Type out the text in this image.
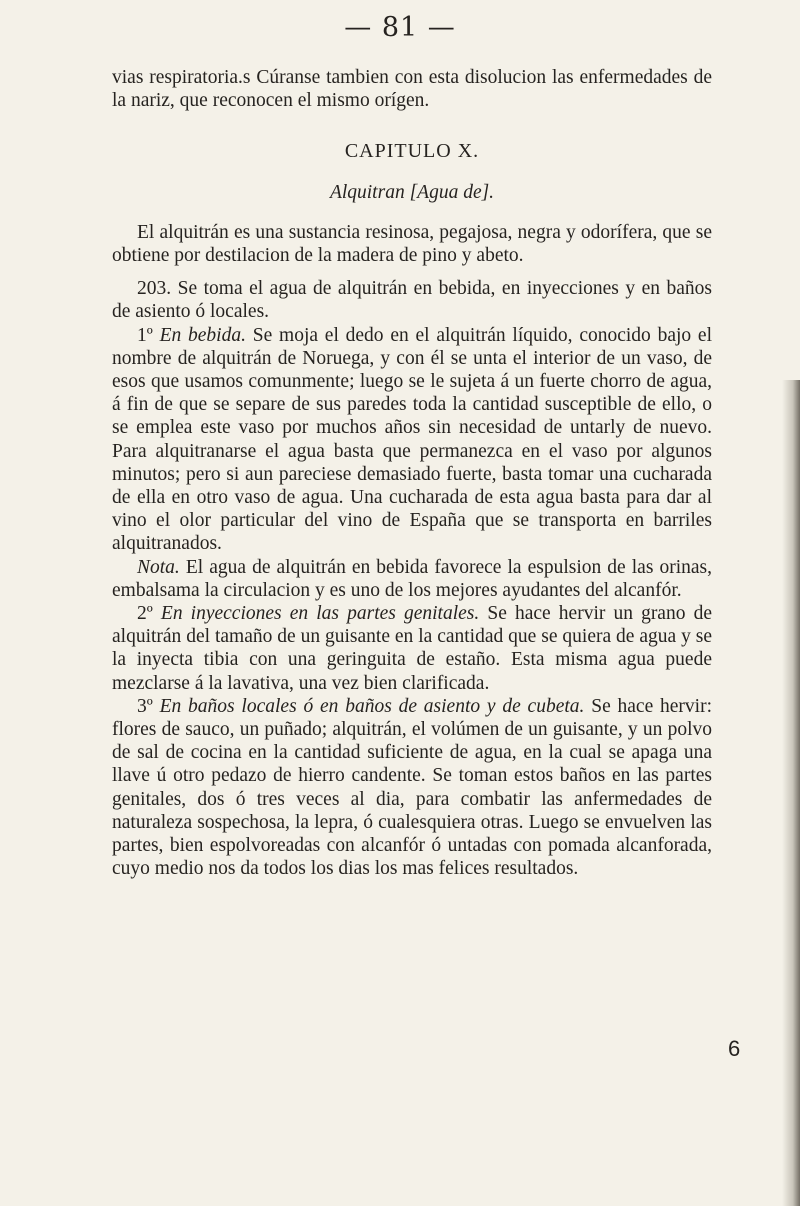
— 81 —

vias respiratoria.s Cúranse tambien con esta disolucion las enfermedades de la nariz, que reconocen el mismo orígen.

CAPITULO X.

Alquitran [Agua de].

El alquitrán es una sustancia resinosa, pegajosa, negra y odorífera, que se obtiene por destilacion de la madera de pino y abeto.

203. Se toma el agua de alquitrán en bebida, en inyecciones y en baños de asiento ó locales.

1º En bebida. Se moja el dedo en el alquitrán líquido, conocido bajo el nombre de alquitrán de Noruega, y con él se unta el interior de un vaso, de esos que usamos comunmente; luego se le sujeta á un fuerte chorro de agua, á fin de que se separe de sus paredes toda la cantidad susceptible de ello, o se emplea este vaso por muchos años sin necesidad de untarly de nuevo. Para alquitranarse el agua basta que permanezca en el vaso por algunos minutos; pero si aun pareciese demasiado fuerte, basta tomar una cucharada de ella en otro vaso de agua. Una cucharada de esta agua basta para dar al vino el olor particular del vino de España que se transporta en barriles alquitranados.

Nota. El agua de alquitrán en bebida favorece la espulsion de las orinas, embalsama la circulacion y es uno de los mejores ayudantes del alcanfór.

2º En inyecciones en las partes genitales. Se hace hervir un grano de alquitrán del tamaño de un guisante en la cantidad que se quiera de agua y se la inyecta tibia con una geringuita de estaño. Esta misma agua puede mezclarse á la lavativa, una vez bien clarificada.

3º En baños locales ó en baños de asiento y de cubeta. Se hace hervir: flores de sauco, un puñado; alquitrán, el volúmen de un guisante, y un polvo de sal de cocina en la cantidad suficiente de agua, en la cual se apaga una llave ú otro pedazo de hierro candente. Se toman estos baños en las partes genitales, dos ó tres veces al dia, para combatir las anfermedades de naturaleza sospechosa, la lepra, ó cualesquiera otras. Luego se envuelven las partes, bien espolvoreadas con alcanfór ó untadas con pomada alcanforada, cuyo medio nos da todos los dias los mas felices resultados.

6
